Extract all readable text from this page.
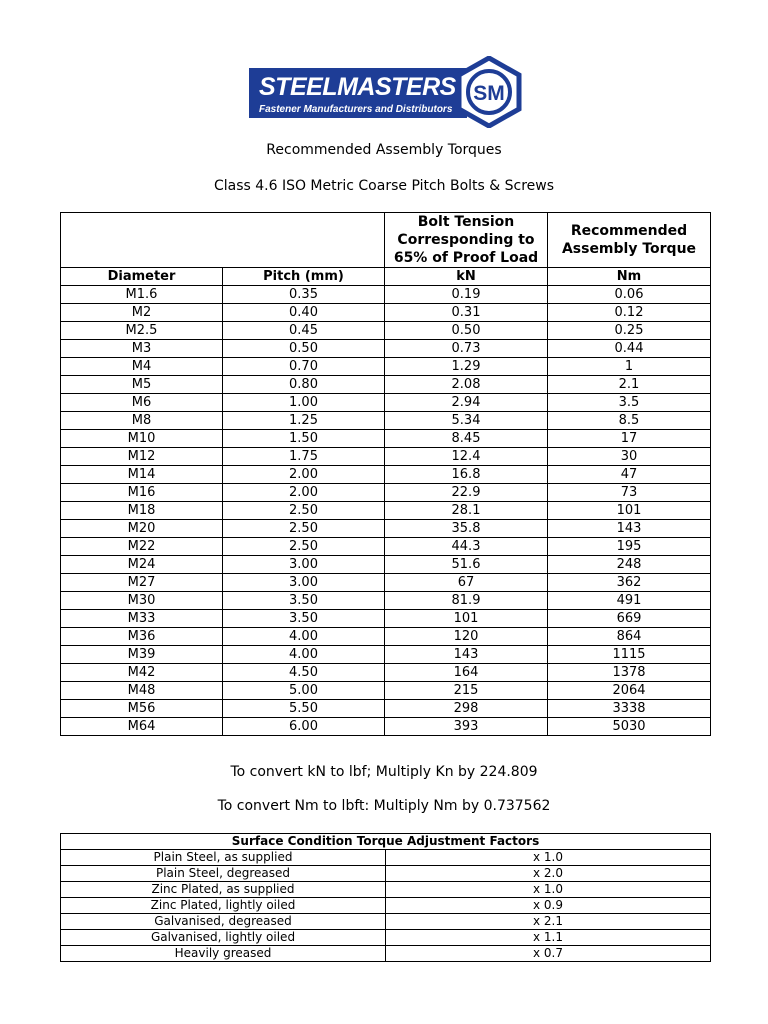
STEELMASTERS
Fastener Manufacturers and Distributors
SM
Recommended Assembly Torques
Class 4.6 ISO Metric Coarse Pitch Bolts & Screws
		Bolt Tension Corresponding to 65% of Proof Load	Recommended Assembly Torque
Diameter	Pitch (mm)	kN	Nm
M1.6	0.35	0.19	0.06
M2	0.40	0.31	0.12
M2.5	0.45	0.50	0.25
M3	0.50	0.73	0.44
M4	0.70	1.29	1
M5	0.80	2.08	2.1
M6	1.00	2.94	3.5
M8	1.25	5.34	8.5
M10	1.50	8.45	17
M12	1.75	12.4	30
M14	2.00	16.8	47
M16	2.00	22.9	73
M18	2.50	28.1	101
M20	2.50	35.8	143
M22	2.50	44.3	195
M24	3.00	51.6	248
M27	3.00	67	362
M30	3.50	81.9	491
M33	3.50	101	669
M36	4.00	120	864
M39	4.00	143	1115
M42	4.50	164	1378
M48	5.00	215	2064
M56	5.50	298	3338
M64	6.00	393	5030
To convert kN to lbf; Multiply Kn by 224.809
To convert Nm to lbft: Multiply Nm by 0.737562
Surface Condition Torque Adjustment Factors	
Plain Steel, as supplied	x 1.0
Plain Steel, degreased	x 2.0
Zinc Plated, as supplied	x 1.0
Zinc Plated, lightly oiled	x 0.9
Galvanised, degreased	x 2.1
Galvanised, lightly oiled	x 1.1
Heavily greased	x 0.7
